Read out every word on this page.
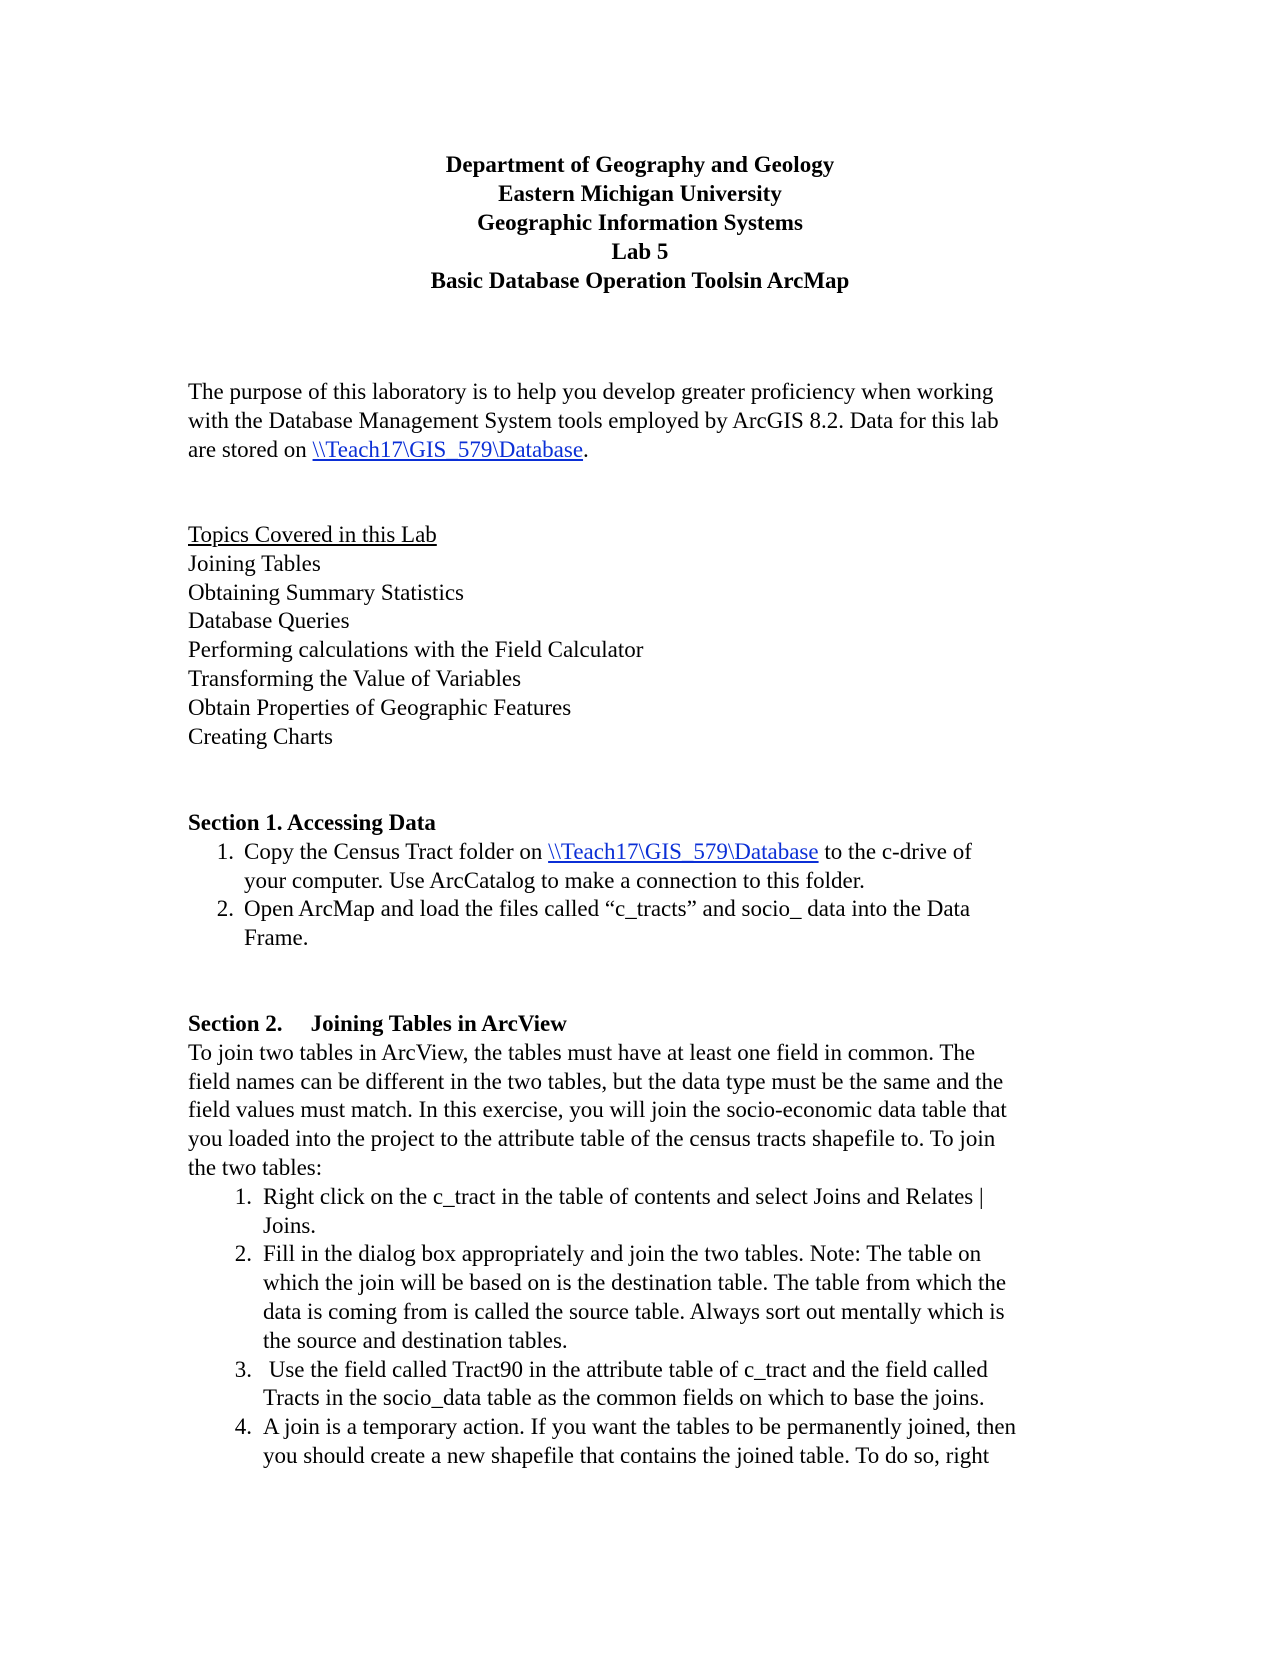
Department of Geography and Geology
Eastern Michigan University
Geographic Information Systems
Lab 5
Basic Database Operation Toolsin ArcMap
The purpose of this laboratory is to help you develop greater proficiency when working
with the Database Management System tools employed by ArcGIS 8.2. Data for this lab
are stored on \\Teach17\GIS_579\Database.
Topics Covered in this Lab
Joining Tables
Obtaining Summary Statistics
Database Queries
Performing calculations with the Field Calculator
Transforming the Value of Variables
Obtain Properties of Geographic Features
Creating Charts
Section 1. Accessing Data
1. Copy the Census Tract folder on \\Teach17\GIS_579\Database to the c-drive of
your computer. Use ArcCatalog to make a connection to this folder.
2. Open ArcMap and load the files called “c_tracts” and socio_ data into the Data
Frame.
Section 2. Joining Tables in ArcView
To join two tables in ArcView, the tables must have at least one field in common. The
field names can be different in the two tables, but the data type must be the same and the
field values must match. In this exercise, you will join the socio-economic data table that
you loaded into the project to the attribute table of the census tracts shapefile to. To join
the two tables:
1. Right click on the c_tract in the table of contents and select Joins and Relates |
Joins.
2. Fill in the dialog box appropriately and join the two tables. Note: The table on
which the join will be based on is the destination table. The table from which the
data is coming from is called the source table. Always sort out mentally which is
the source and destination tables.
3. Use the field called Tract90 in the attribute table of c_tract and the field called
Tracts in the socio_data table as the common fields on which to base the joins.
4. A join is a temporary action. If you want the tables to be permanently joined, then
you should create a new shapefile that contains the joined table. To do so, right
